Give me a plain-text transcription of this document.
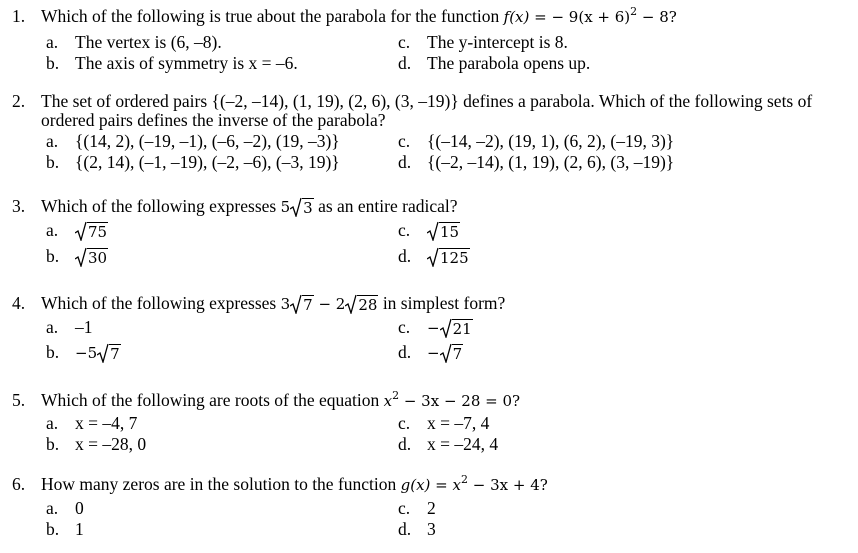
1. Which of the following is true about the parabola for the function f(x) = − $9(x + 6)^2 - 8$?
a. The vertex is (6, –8).
b. The axis of symmetry is x = –6.
c. The y-intercept is 8.
d. The parabola opens up.
2. The set of ordered pairs {(–2, –14), (1, 19), (2, 6), (3, –19)} defines a parabola. Which of the following sets of
ordered pairs defines the inverse of the parabola?
a. {(14, 2), (–19, –1), (–6, –2), (19, –3)}
b. {(2, 14), (–1, –19), (–2, –6), (–3, 19)}
c. {(–14, –2), (19, 1), (6, 2), (–19, 3)}
d. {(–2, –14), (1, 19), (2, 6), (3, –19)}
3. Which of the following expresses 5 3 as an entire radical?
a. 75
b. 30
c. 15
d. 125
4. Which of the following expresses 3 7 − 2 28 in simplest form?
a. –1
b. −5 7
c. − 21
d. − 7
5. Which of the following are roots of the equation $x^2 - 3x - 28 = 0$?
a. x = –4, 7
b. x = –28, 0
c. x = –7, 4
d. x = –24, 4
6. How many zeros are in the solution to the function $g(x) = x^2 - 3x + 4$?
a. 0
b. 1
c. 2
d. 3
